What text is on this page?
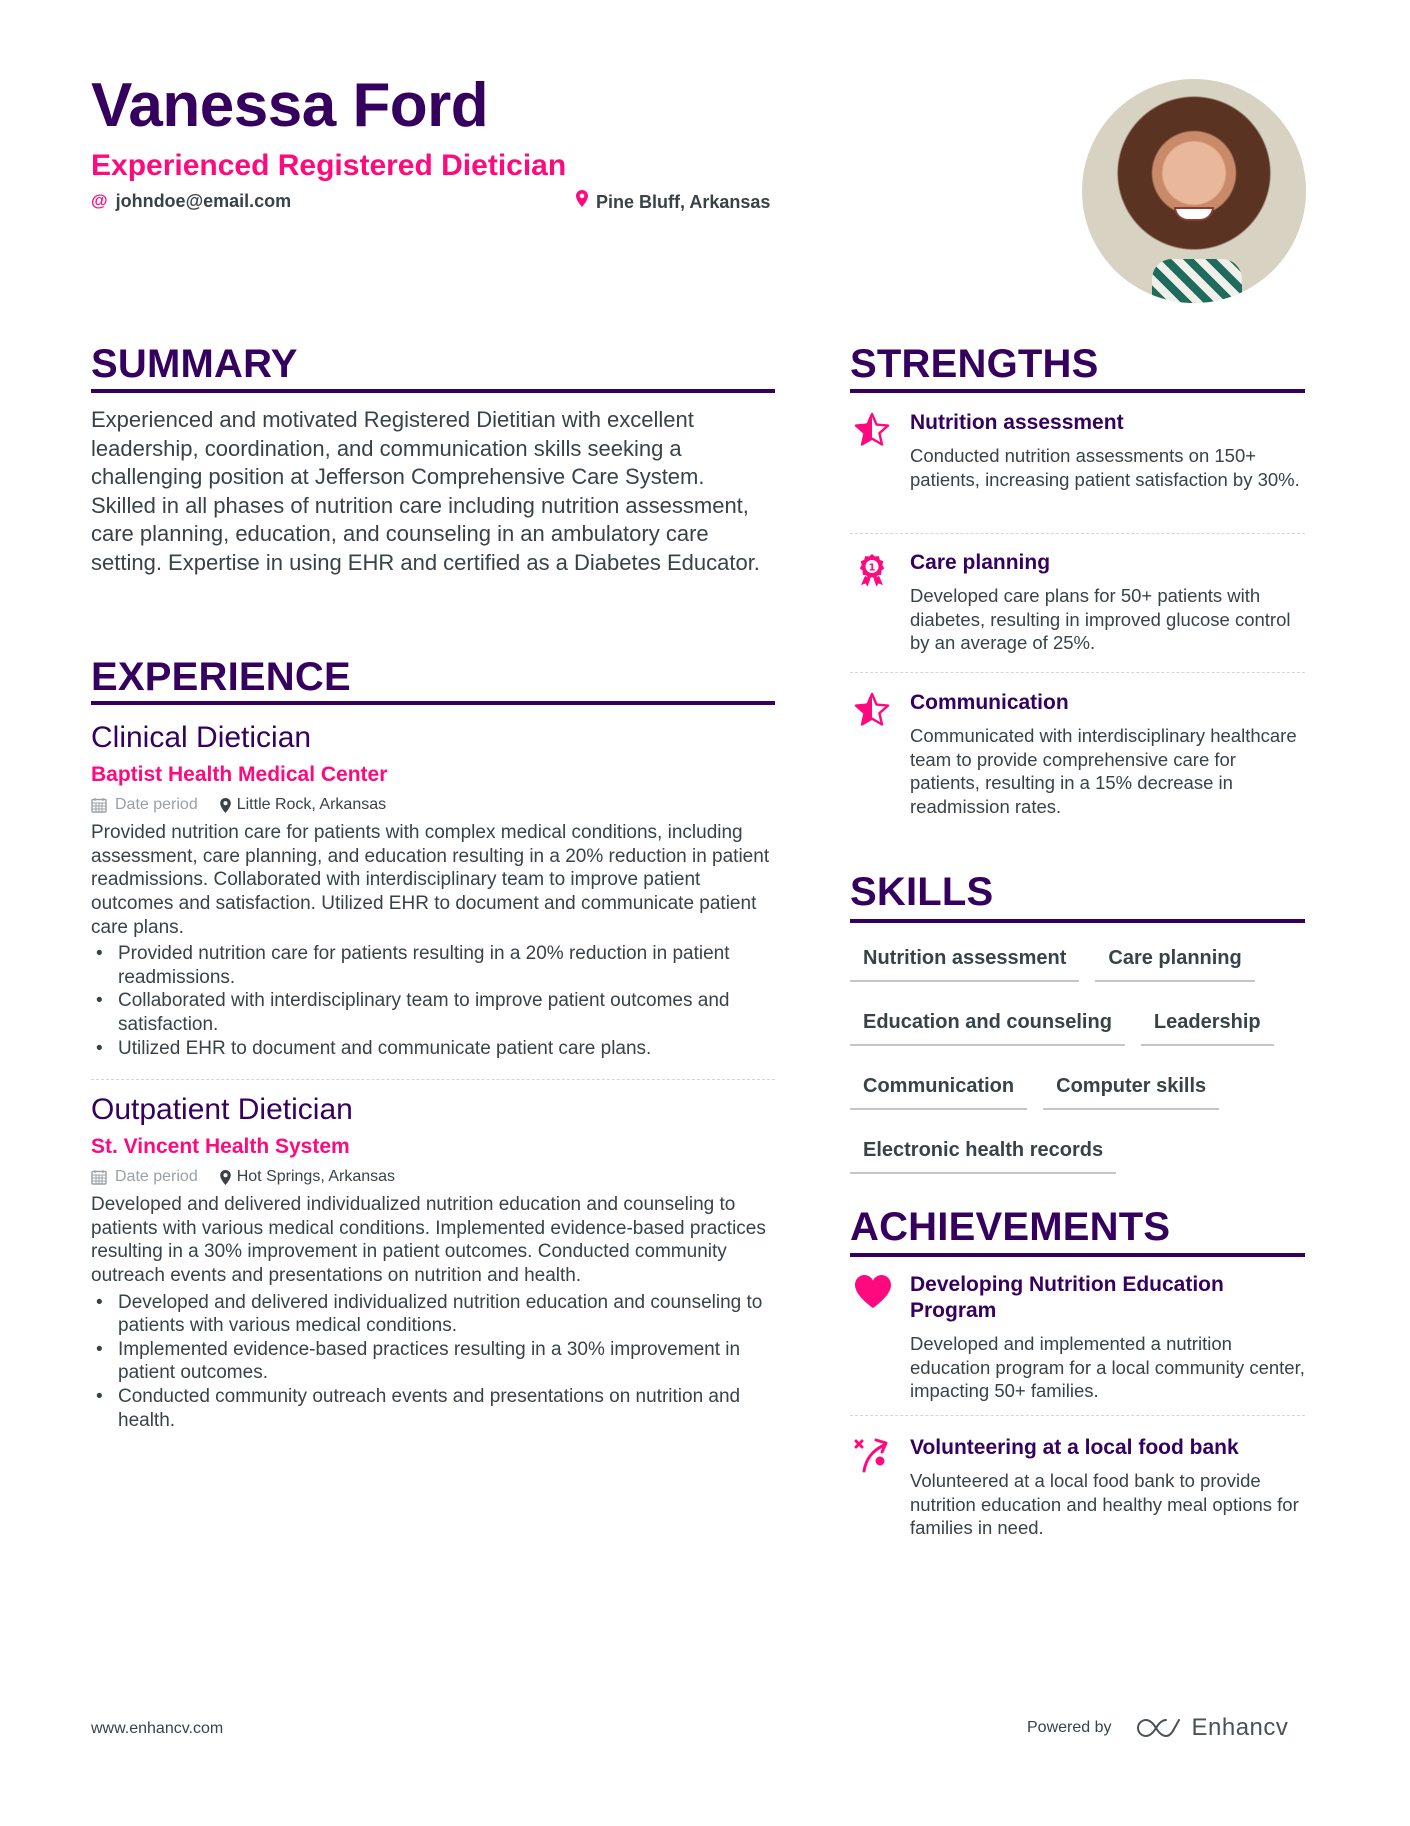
Vanessa Ford
Experienced Registered Dietician
@ johndoe@email.com	Pine Bluff, Arkansas
SUMMARY
Experienced and motivated Registered Dietitian with excellent leadership, coordination, and communication skills seeking a challenging position at Jefferson Comprehensive Care System. Skilled in all phases of nutrition care including nutrition assessment, care planning, education, and counseling in an ambulatory care setting. Expertise in using EHR and certified as a Diabetes Educator.
EXPERIENCE
Clinical Dietician
Baptist Health Medical Center
Date period Little Rock, Arkansas
Provided nutrition care for patients with complex medical conditions, including assessment, care planning, and education resulting in a 20% reduction in patient readmissions. Collaborated with interdisciplinary team to improve patient outcomes and satisfaction. Utilized EHR to document and communicate patient care plans.
• Provided nutrition care for patients resulting in a 20% reduction in patient readmissions.
• Collaborated with interdisciplinary team to improve patient outcomes and satisfaction.
• Utilized EHR to document and communicate patient care plans.
Outpatient Dietician
St. Vincent Health System
Date period Hot Springs, Arkansas
Developed and delivered individualized nutrition education and counseling to patients with various medical conditions. Implemented evidence-based practices resulting in a 30% improvement in patient outcomes. Conducted community outreach events and presentations on nutrition and health.
• Developed and delivered individualized nutrition education and counseling to patients with various medical conditions.
• Implemented evidence-based practices resulting in a 30% improvement in patient outcomes.
• Conducted community outreach events and presentations on nutrition and health.
STRENGTHS
Nutrition assessment
Conducted nutrition assessments on 150+ patients, increasing patient satisfaction by 30%.
1 Care planning
Developed care plans for 50+ patients with diabetes, resulting in improved glucose control by an average of 25%.
Communication
Communicated with interdisciplinary healthcare team to provide comprehensive care for patients, resulting in a 15% decrease in readmission rates.
SKILLS
Nutrition assessment	Care planning
Education and counseling	Leadership
Communication	Computer skills
Electronic health records
ACHIEVEMENTS
Developing Nutrition Education Program
Developed and implemented a nutrition education program for a local community center, impacting 50+ families.
Volunteering at a local food bank
Volunteered at a local food bank to provide nutrition education and healthy meal options for families in need.
www.enhancv.com	Powered by	Enhancv
